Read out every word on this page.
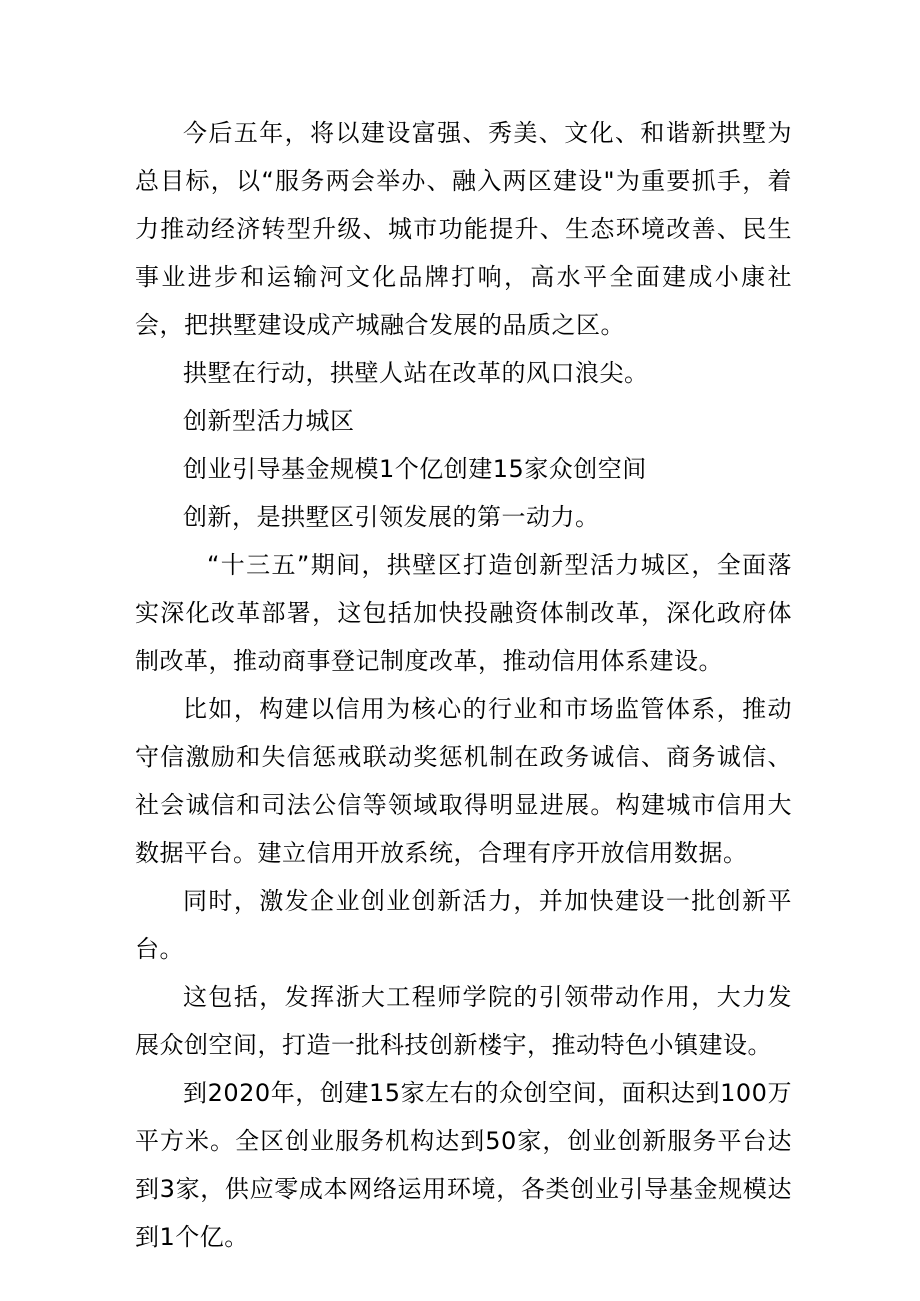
今后五年，将以建设富强、秀美、文化、和谐新拱墅为总目标，以“服务两会举办、融入两区建设"为重要抓手，着力推动经济转型升级、城市功能提升、生态环境改善、民生事业进步和运输河文化品牌打响，高水平全面建成小康社会，把拱墅建设成产城融合发展的品质之区。

拱墅在行动，拱壁人站在改革的风口浪尖。

创新型活力城区

创业引导基金规模1个亿创建15家众创空间

创新，是拱墅区引领发展的第一动力。

“十三五”期间，拱壁区打造创新型活力城区，全面落实深化改革部署，这包括加快投融资体制改革，深化政府体制改革，推动商事登记制度改革，推动信用体系建设。

比如，构建以信用为核心的行业和市场监管体系，推动守信激励和失信惩戒联动奖惩机制在政务诚信、商务诚信、社会诚信和司法公信等领域取得明显进展。构建城市信用大数据平台。建立信用开放系统，合理有序开放信用数据。

同时，激发企业创业创新活力，并加快建设一批创新平台。

这包括，发挥浙大工程师学院的引领带动作用，大力发展众创空间，打造一批科技创新楼宇，推动特色小镇建设。

到2020年，创建15家左右的众创空间，面积达到100万平方米。全区创业服务机构达到50家，创业创新服务平台达到3家，供应零成本网络运用环境，各类创业引导基金规模达到1个亿。
